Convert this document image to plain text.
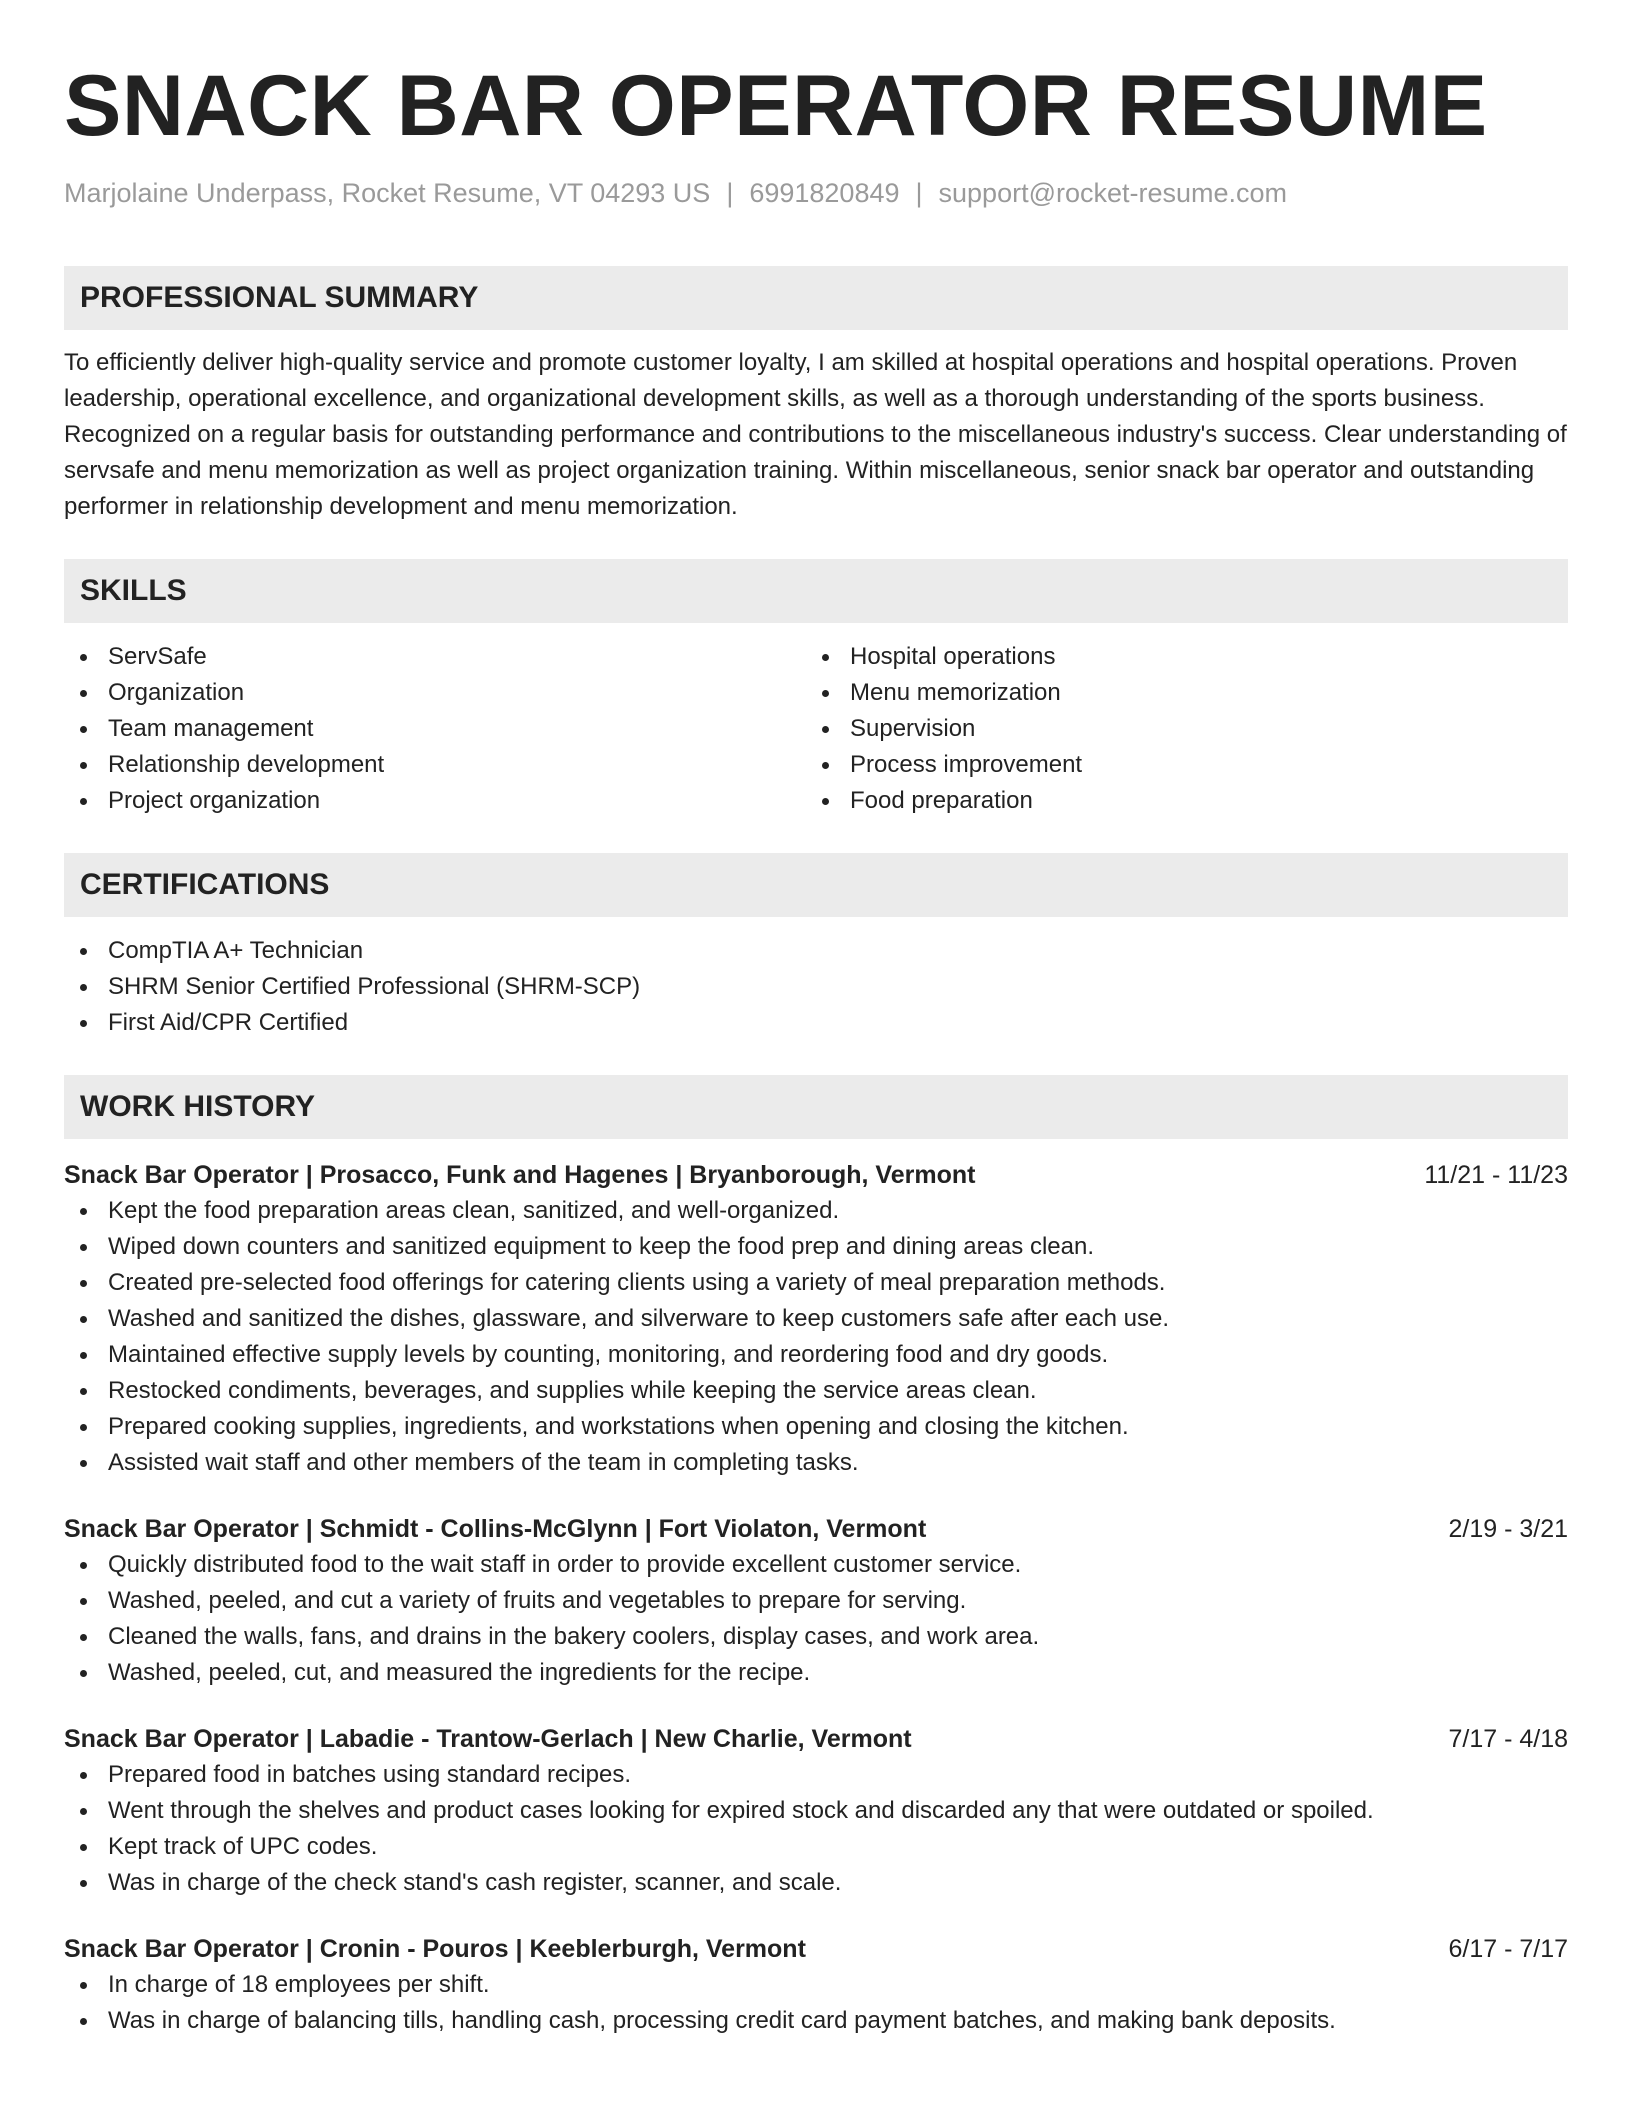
SNACK BAR OPERATOR RESUME
Marjolaine Underpass, Rocket Resume, VT 04293 US | 6991820849 | support@rocket-resume.com
PROFESSIONAL SUMMARY

To efficiently deliver high-quality service and promote customer loyalty, I am skilled at hospital operations and hospital operations. Proven leadership, operational excellence, and organizational development skills, as well as a thorough understanding of the sports business. Recognized on a regular basis for outstanding performance and contributions to the miscellaneous industry's success. Clear understanding of servsafe and menu memorization as well as project organization training. Within miscellaneous, senior snack bar operator and outstanding performer in relationship development and menu memorization.

SKILLS
ServSafe
Organization
Team management
Relationship development
Project organization
Hospital operations
Menu memorization
Supervision
Process improvement
Food preparation
CERTIFICATIONS
CompTIA A+ Technician
SHRM Senior Certified Professional (SHRM-SCP)
First Aid/CPR Certified
WORK HISTORY
Snack Bar Operator | Prosacco, Funk and Hagenes | Bryanborough, Vermont	11/21 - 11/23
Kept the food preparation areas clean, sanitized, and well-organized.
Wiped down counters and sanitized equipment to keep the food prep and dining areas clean.
Created pre-selected food offerings for catering clients using a variety of meal preparation methods.
Washed and sanitized the dishes, glassware, and silverware to keep customers safe after each use.
Maintained effective supply levels by counting, monitoring, and reordering food and dry goods.
Restocked condiments, beverages, and supplies while keeping the service areas clean.
Prepared cooking supplies, ingredients, and workstations when opening and closing the kitchen.
Assisted wait staff and other members of the team in completing tasks.
Snack Bar Operator | Schmidt - Collins-McGlynn | Fort Violaton, Vermont	2/19 - 3/21
Quickly distributed food to the wait staff in order to provide excellent customer service.
Washed, peeled, and cut a variety of fruits and vegetables to prepare for serving.
Cleaned the walls, fans, and drains in the bakery coolers, display cases, and work area.
Washed, peeled, cut, and measured the ingredients for the recipe.
Snack Bar Operator | Labadie - Trantow-Gerlach | New Charlie, Vermont	7/17 - 4/18
Prepared food in batches using standard recipes.
Went through the shelves and product cases looking for expired stock and discarded any that were outdated or spoiled.
Kept track of UPC codes.
Was in charge of the check stand's cash register, scanner, and scale.
Snack Bar Operator | Cronin - Pouros | Keeblerburgh, Vermont	6/17 - 7/17
In charge of 18 employees per shift.
Was in charge of balancing tills, handling cash, processing credit card payment batches, and making bank deposits.
